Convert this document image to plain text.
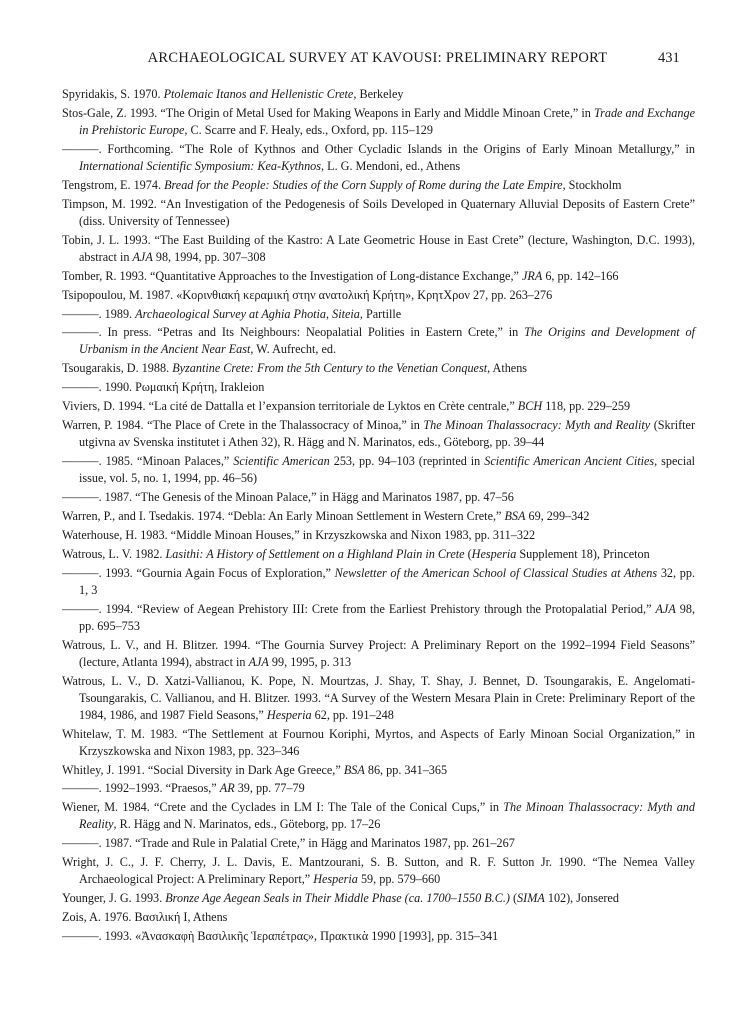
ARCHAEOLOGICAL SURVEY AT KAVOUSI: PRELIMINARY REPORT	431

Spyridakis, S. 1970. Ptolemaic Itanos and Hellenistic Crete, Berkeley

Stos-Gale, Z. 1993. “The Origin of Metal Used for Making Weapons in Early and Middle Minoan Crete,” in Trade and Exchange in Prehistoric Europe, C. Scarre and F. Healy, eds., Oxford, pp. 115–129

———. Forthcoming. “The Role of Kythnos and Other Cycladic Islands in the Origins of Early Minoan Metallurgy,” in International Scientific Symposium: Kea-Kythnos, L. G. Mendoni, ed., Athens

Tengstrom, E. 1974. Bread for the People: Studies of the Corn Supply of Rome during the Late Empire, Stockholm

Timpson, M. 1992. “An Investigation of the Pedogenesis of Soils Developed in Quaternary Alluvial Deposits of Eastern Crete” (diss. University of Tennessee)

Tobin, J. L. 1993. “The East Building of the Kastro: A Late Geometric House in East Crete” (lecture, Washington, D.C. 1993), abstract in AJA 98, 1994, pp. 307–308

Tomber, R. 1993. “Quantitative Approaches to the Investigation of Long-distance Exchange,” JRA 6, pp. 142–166

Tsipopoulou, M. 1987. «Κορινθιακή κεραμική στην ανατολική Κρήτη», ΚρητΧρον 27, pp. 263–276

———. 1989. Archaeological Survey at Aghia Photia, Siteia, Partille

———. In press. “Petras and Its Neighbours: Neopalatial Polities in Eastern Crete,” in The Origins and Development of Urbanism in the Ancient Near East, W. Aufrecht, ed.

Tsougarakis, D. 1988. Byzantine Crete: From the 5th Century to the Venetian Conquest, Athens

———. 1990. Ρωμαική Κρήτη, Irakleion

Viviers, D. 1994. “La cité de Dattalla et l’expansion territoriale de Lyktos en Crète centrale,” BCH 118, pp. 229–259

Warren, P. 1984. “The Place of Crete in the Thalassocracy of Minoa,” in The Minoan Thalassocracy: Myth and Reality (Skrifter utgivna av Svenska institutet i Athen 32), R. Hägg and N. Marinatos, eds., Göteborg, pp. 39–44

———. 1985. “Minoan Palaces,” Scientific American 253, pp. 94–103 (reprinted in Scientific American Ancient Cities, special issue, vol. 5, no. 1, 1994, pp. 46–56)

———. 1987. “The Genesis of the Minoan Palace,” in Hägg and Marinatos 1987, pp. 47–56

Warren, P., and I. Tsedakis. 1974. “Debla: An Early Minoan Settlement in Western Crete,” BSA 69, 299–342

Waterhouse, H. 1983. “Middle Minoan Houses,” in Krzyszkowska and Nixon 1983, pp. 311–322

Watrous, L. V. 1982. Lasithi: A History of Settlement on a Highland Plain in Crete (Hesperia Supplement 18), Princeton

———. 1993. “Gournia Again Focus of Exploration,” Newsletter of the American School of Classical Studies at Athens 32, pp. 1, 3

———. 1994. “Review of Aegean Prehistory III: Crete from the Earliest Prehistory through the Protopalatial Period,” AJA 98, pp. 695–753

Watrous, L. V., and H. Blitzer. 1994. “The Gournia Survey Project: A Preliminary Report on the 1992–1994 Field Seasons” (lecture, Atlanta 1994), abstract in AJA 99, 1995, p. 313

Watrous, L. V., D. Xatzi-Vallianou, K. Pope, N. Mourtzas, J. Shay, T. Shay, J. Bennet, D. Tsoungarakis, E. Angelomati-Tsoungarakis, C. Vallianou, and H. Blitzer. 1993. “A Survey of the Western Mesara Plain in Crete: Preliminary Report of the 1984, 1986, and 1987 Field Seasons,” Hesperia 62, pp. 191–248

Whitelaw, T. M. 1983. “The Settlement at Fournou Koriphi, Myrtos, and Aspects of Early Minoan Social Organization,” in Krzyszkowska and Nixon 1983, pp. 323–346

Whitley, J. 1991. “Social Diversity in Dark Age Greece,” BSA 86, pp. 341–365

———. 1992–1993. “Praesos,” AR 39, pp. 77–79

Wiener, M. 1984. “Crete and the Cyclades in LM I: The Tale of the Conical Cups,” in The Minoan Thalassocracy: Myth and Reality, R. Hägg and N. Marinatos, eds., Göteborg, pp. 17–26

———. 1987. “Trade and Rule in Palatial Crete,” in Hägg and Marinatos 1987, pp. 261–267

Wright, J. C., J. F. Cherry, J. L. Davis, E. Mantzourani, S. B. Sutton, and R. F. Sutton Jr. 1990. “The Nemea Valley Archaeological Project: A Preliminary Report,” Hesperia 59, pp. 579–660

Younger, J. G. 1993. Bronze Age Aegean Seals in Their Middle Phase (ca. 1700–1550 B.C.) (SIMA 102), Jonsered

Zois, A. 1976. Βασιλική I, Athens

———. 1993. «Ἀνασκαφὴ Βασιλικῆς Ἱεραπέτρας», Πρακτικὰ 1990 [1993], pp. 315–341
